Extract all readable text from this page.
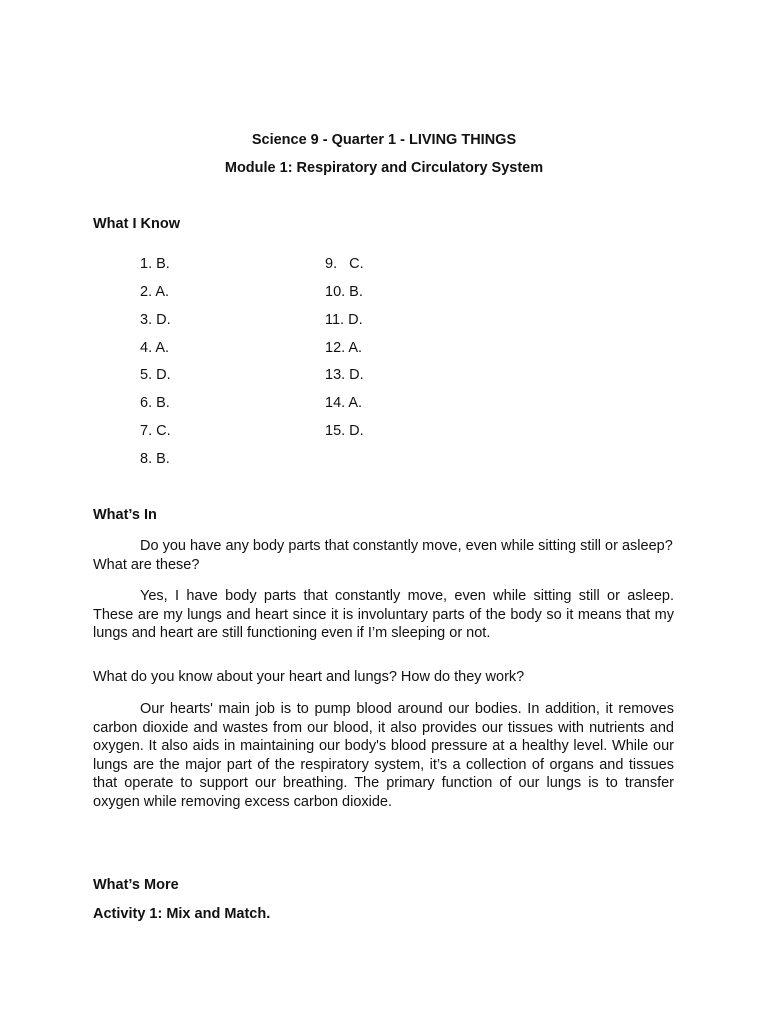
Science 9 - Quarter 1 - LIVING THINGS
Module 1: Respiratory and Circulatory System
What I Know
1. B.
2. A.
3. D.
4. A.
5. D.
6. B.
7. C.
8. B.
9.   C.
10. B.
11. D.
12. A.
13. D.
14. A.
15. D.
What’s In
Do you have any body parts that constantly move, even while sitting still or asleep? What are these?
Yes, I have body parts that constantly move, even while sitting still or asleep. These are my lungs and heart since it is involuntary parts of the body so it means that my lungs and heart are still functioning even if I’m sleeping or not.
What do you know about your heart and lungs? How do they work?
Our hearts' main job is to pump blood around our bodies. In addition, it removes carbon dioxide and wastes from our blood, it also provides our tissues with nutrients and oxygen. It also aids in maintaining our body's blood pressure at a healthy level. While our lungs are the major part of the respiratory system, it’s a collection of organs and tissues that operate to support our breathing. The primary function of our lungs is to transfer oxygen while removing excess carbon dioxide.
What’s More
Activity 1: Mix and Match.
